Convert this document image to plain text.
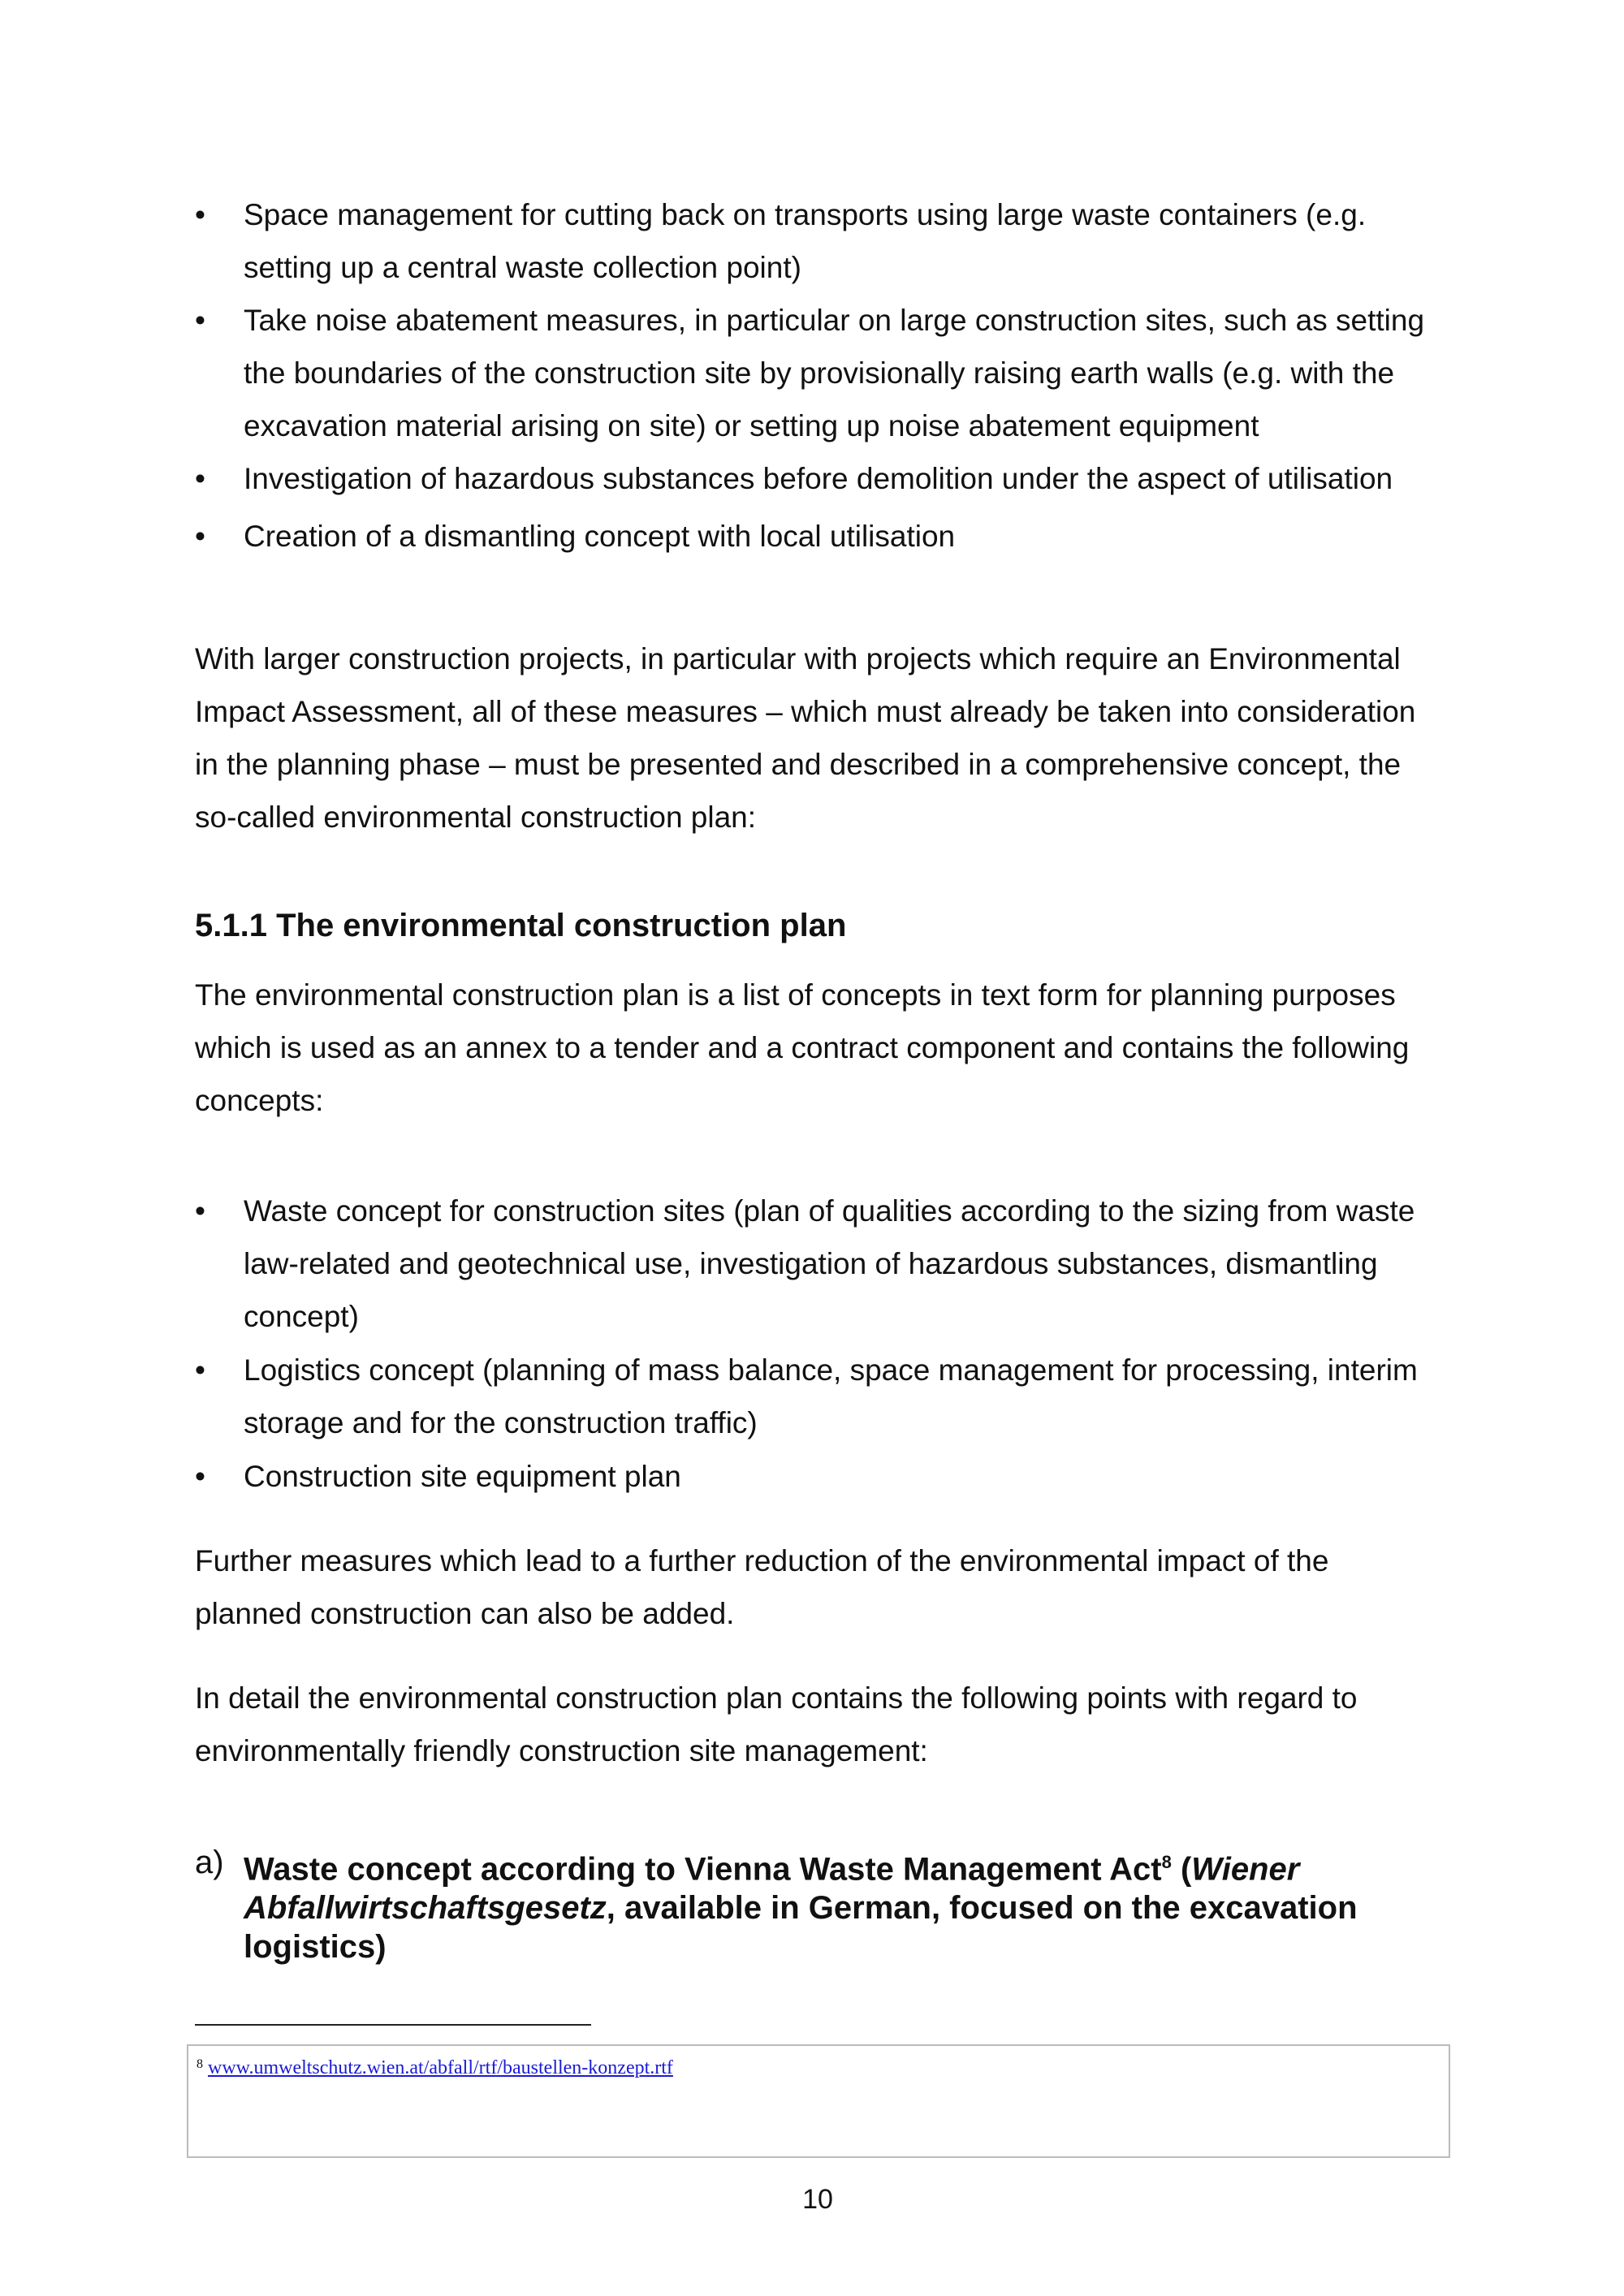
•	Space management for cutting back on transports using large waste containers (e.g. setting up a central waste collection point)
•	Take noise abatement measures, in particular on large construction sites, such as setting the boundaries of the construction site by provisionally raising earth walls (e.g. with the excavation material arising on site) or setting up noise abatement equipment
•	Investigation of hazardous substances before demolition under the aspect of utilisation
•	Creation of a dismantling concept with local utilisation

With larger construction projects, in particular with projects which require an Environmental Impact Assessment, all of these measures – which must already be taken into consideration in the planning phase – must be presented and described in a comprehensive concept, the so-called environmental construction plan:

5.1.1 The environmental construction plan

The environmental construction plan is a list of concepts in text form for planning purposes which is used as an annex to a tender and a contract component and contains the following concepts:

•	Waste concept for construction sites (plan of qualities according to the sizing from waste law-related and geotechnical use, investigation of hazardous substances, dismantling concept)
•	Logistics concept (planning of mass balance, space management for processing, interim storage and for the construction traffic)
•	Construction site equipment plan

Further measures which lead to a further reduction of the environmental impact of the planned construction can also be added.

In detail the environmental construction plan contains the following points with regard to environmentally friendly construction site management:

a) Waste concept according to Vienna Waste Management Act$^8$ (Wiener Abfallwirtschaftsgesetz, available in German, focused on the excavation logistics)
$^8$ www.umweltschutz.wien.at/abfall/rtf/baustellen-konzept.rtf
10
